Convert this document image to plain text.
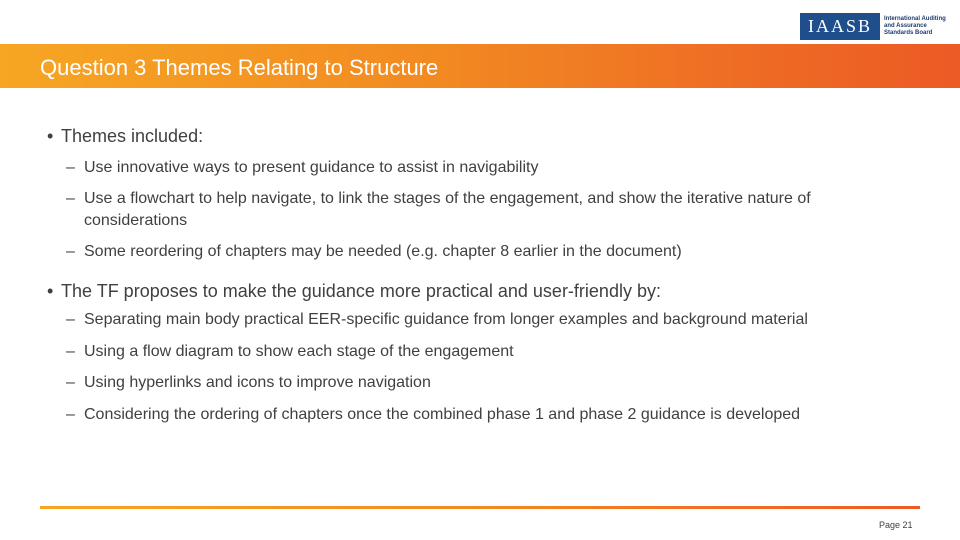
IAASB	International Auditing and Assurance Standards Board
Question 3 Themes Relating to Structure
• Themes included:
– Use innovative ways to present guidance to assist in navigability
– Use a flowchart to help navigate, to link the stages of the engagement, and show the iterative nature of considerations
– Some reordering of chapters may be needed (e.g. chapter 8 earlier in the document)
• The TF proposes to make the guidance more practical and user-friendly by:
– Separating main body practical EER-specific guidance from longer examples and background material
– Using a flow diagram to show each stage of the engagement
– Using hyperlinks and icons to improve navigation
– Considering the ordering of chapters once the combined phase 1 and phase 2 guidance is developed
Page 21
